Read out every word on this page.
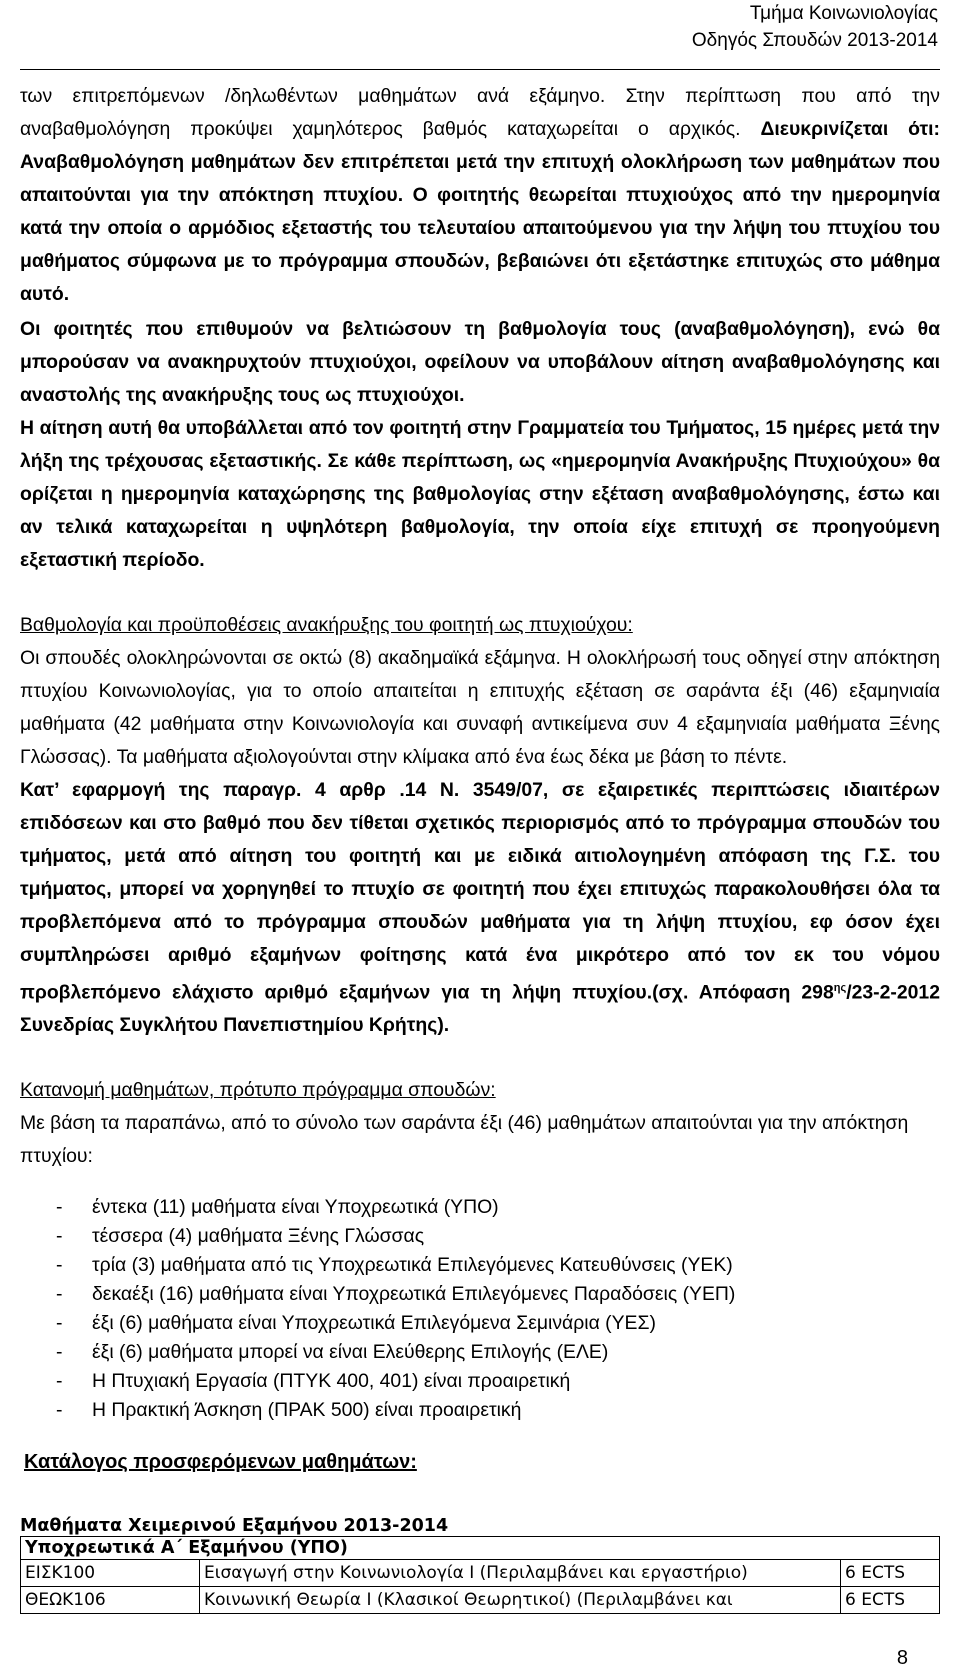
Τμήμα Κοινωνιολογίας
Οδηγός Σπουδών 2013-2014

των επιτρεπόμενων /δηλωθέντων μαθημάτων ανά εξάμηνο. Στην περίπτωση που από την αναβαθμολόγηση προκύψει χαμηλότερος βαθμός καταχωρείται ο αρχικός. Διευκρινίζεται ότι: Αναβαθμολόγηση μαθημάτων δεν επιτρέπεται μετά την επιτυχή ολοκλήρωση των μαθημάτων που απαιτούνται για την απόκτηση πτυχίου. Ο φοιτητής θεωρείται πτυχιούχος από την ημερομηνία κατά την οποία ο αρμόδιος εξεταστής του τελευταίου απαιτούμενου για την λήψη του πτυχίου του μαθήματος σύμφωνα με το πρόγραμμα σπουδών, βεβαιώνει ότι εξετάστηκε επιτυχώς στο μάθημα αυτό.

Οι φοιτητές που επιθυμούν να βελτιώσουν τη βαθμολογία τους (αναβαθμολόγηση), ενώ θα μπορούσαν να ανακηρυχτούν πτυχιούχοι, οφείλουν να υποβάλουν αίτηση αναβαθμολόγησης και αναστολής της ανακήρυξης τους ως πτυχιούχοι.

Η αίτηση αυτή θα υποβάλλεται από τον φοιτητή στην Γραμματεία του Τμήματος, 15 ημέρες μετά την λήξη της τρέχουσας εξεταστικής. Σε κάθε περίπτωση, ως «ημερομηνία Ανακήρυξης Πτυχιούχου» θα ορίζεται η ημερομηνία καταχώρησης της βαθμολογίας στην εξέταση αναβαθμολόγησης, έστω και αν τελικά καταχωρείται η υψηλότερη βαθμολογία, την οποία είχε επιτυχή σε προηγούμενη εξεταστική περίοδο.

Βαθμολογία και προϋποθέσεις ανακήρυξης του φοιτητή ως πτυχιούχου:

Οι σπουδές ολοκληρώνονται σε οκτώ (8) ακαδημαϊκά εξάμηνα. Η ολοκλήρωσή τους οδηγεί στην απόκτηση πτυχίου Κοινωνιολογίας, για το οποίο απαιτείται η επιτυχής εξέταση σε σαράντα έξι (46) εξαμηνιαία μαθήματα (42 μαθήματα στην Κοινωνιολογία και συναφή αντικείμενα συν 4 εξαμηνιαία μαθήματα Ξένης Γλώσσας). Τα μαθήματα αξιολογούνται στην κλίμακα από ένα έως δέκα με βάση το πέντε.

Κατ’ εφαρμογή της παραγρ. 4 αρθρ .14 Ν. 3549/07, σε εξαιρετικές περιπτώσεις ιδιαιτέρων επιδόσεων και στο βαθμό που δεν τίθεται σχετικός περιορισμός από το πρόγραμμα σπουδών του τμήματος, μετά από αίτηση του φοιτητή και με ειδικά αιτιολογημένη απόφαση της Γ.Σ. του τμήματος, μπορεί να χορηγηθεί το πτυχίο σε φοιτητή που έχει επιτυχώς παρακολουθήσει όλα τα προβλεπόμενα από το πρόγραμμα σπουδών μαθήματα για τη λήψη πτυχίου, εφ όσον έχει συμπληρώσει αριθμό εξαμήνων φοίτησης κατά ένα μικρότερο από τον εκ του νόμου προβλεπόμενο ελάχιστο αριθμό εξαμήνων για τη λήψη πτυχίου.(σχ. Απόφαση $298^{\eta\varsigma}/23-2-2012$ Συνεδρίας Συγκλήτου Πανεπιστημίου Κρήτης).

Κατανομή μαθημάτων, πρότυπο πρόγραμμα σπουδών:

Με βάση τα παραπάνω, από το σύνολο των σαράντα έξι (46) μαθημάτων απαιτούνται για την απόκτηση πτυχίου:

- έντεκα (11) μαθήματα είναι Υποχρεωτικά (ΥΠΟ)
- τέσσερα (4) μαθήματα Ξένης Γλώσσας
- τρία (3) μαθήματα από τις Υποχρεωτικά Επιλεγόμενες Κατευθύνσεις (ΥΕΚ)
- δεκαέξι (16) μαθήματα είναι Υποχρεωτικά Επιλεγόμενες Παραδόσεις (ΥΕΠ)
- έξι (6) μαθήματα είναι Υποχρεωτικά Επιλεγόμενα Σεμινάρια (ΥΕΣ)
- έξι (6) μαθήματα μπορεί να είναι Ελεύθερης Επιλογής (ΕΛΕ)
- Η Πτυχιακή Εργασία (ΠΤΥΚ 400, 401) είναι προαιρετική
- Η Πρακτική Άσκηση (ΠΡΑΚ 500) είναι προαιρετική

Κατάλογος προσφερόμενων μαθημάτων:

Μαθήματα Χειμερινού Εξαμήνου 2013-2014

Υποχρεωτικά Α΄ Εξαμήνου (ΥΠΟ)		
ΕΙΣΚ100	Εισαγωγή στην Κοινωνιολογία Ι (Περιλαμβάνει και εργαστήριο)	6 ECTS
ΘΕΩΚ106	Κοινωνική Θεωρία Ι (Κλασικοί Θεωρητικοί) (Περιλαμβάνει και	6 ECTS
8
